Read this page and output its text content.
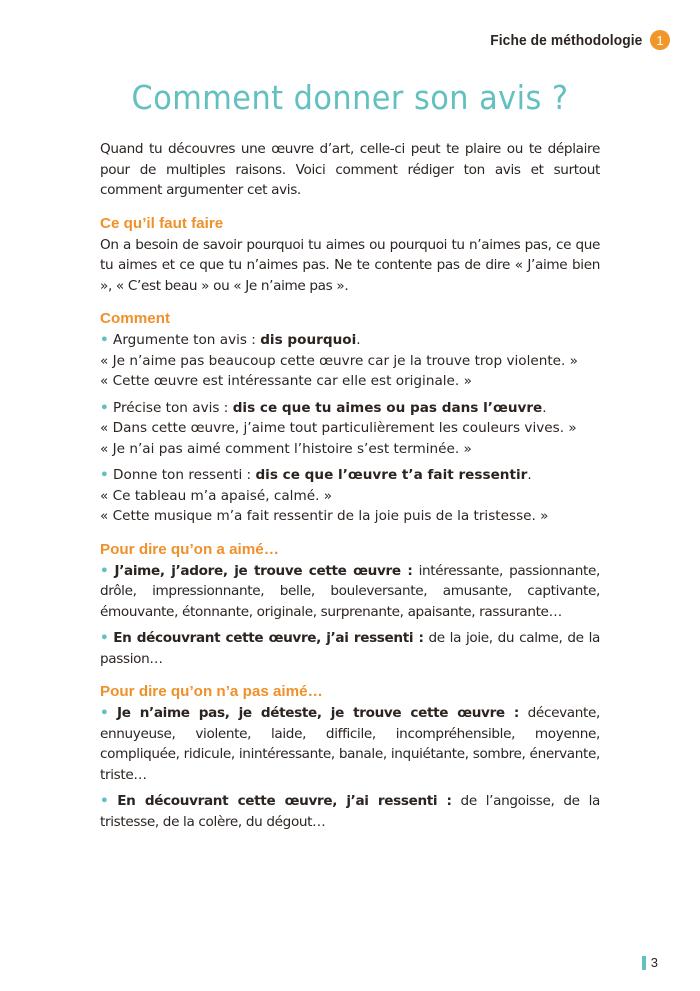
Fiche de méthodologie	1
Comment donner son avis ?

Quand tu découvres une œuvre d’art, celle-ci peut te plaire ou te déplaire pour de multiples raisons. Voici comment rédiger ton avis et surtout comment argumenter cet avis.

Ce qu’il faut faire

On a besoin de savoir pourquoi tu aimes ou pourquoi tu n’aimes pas, ce que tu aimes et ce que tu n’aimes pas. Ne te contente pas de dire « J’aime bien », « C’est beau » ou « Je n’aime pas ».

Comment

• Argumente ton avis : dis pourquoi.

« Je n’aime pas beaucoup cette œuvre car je la trouve trop violente. »

« Cette œuvre est intéressante car elle est originale. »

• Précise ton avis : dis ce que tu aimes ou pas dans l’œuvre.

« Dans cette œuvre, j’aime tout particulièrement les couleurs vives. »

« Je n’ai pas aimé comment l’histoire s’est terminée. »

• Donne ton ressenti : dis ce que l’œuvre t’a fait ressentir.

« Ce tableau m’a apaisé, calmé. »

« Cette musique m’a fait ressentir de la joie puis de la tristesse. »

Pour dire qu’on a aimé…

• J’aime, j’adore, je trouve cette œuvre : intéressante, passionnante, drôle, impressionnante, belle, bouleversante, amusante, captivante, émouvante, étonnante, originale, surprenante, apaisante, rassurante…

• En découvrant cette œuvre, j’ai ressenti : de la joie, du calme, de la passion…

Pour dire qu’on n’a pas aimé…

• Je n’aime pas, je déteste, je trouve cette œuvre : décevante, ennuyeuse, violente, laide, difficile, incompréhensible, moyenne, compliquée, ridicule, inintéressante, banale, inquiétante, sombre, énervante, triste…

• En découvrant cette œuvre, j’ai ressenti : de l’angoisse, de la tristesse, de la colère, du dégout…

3
